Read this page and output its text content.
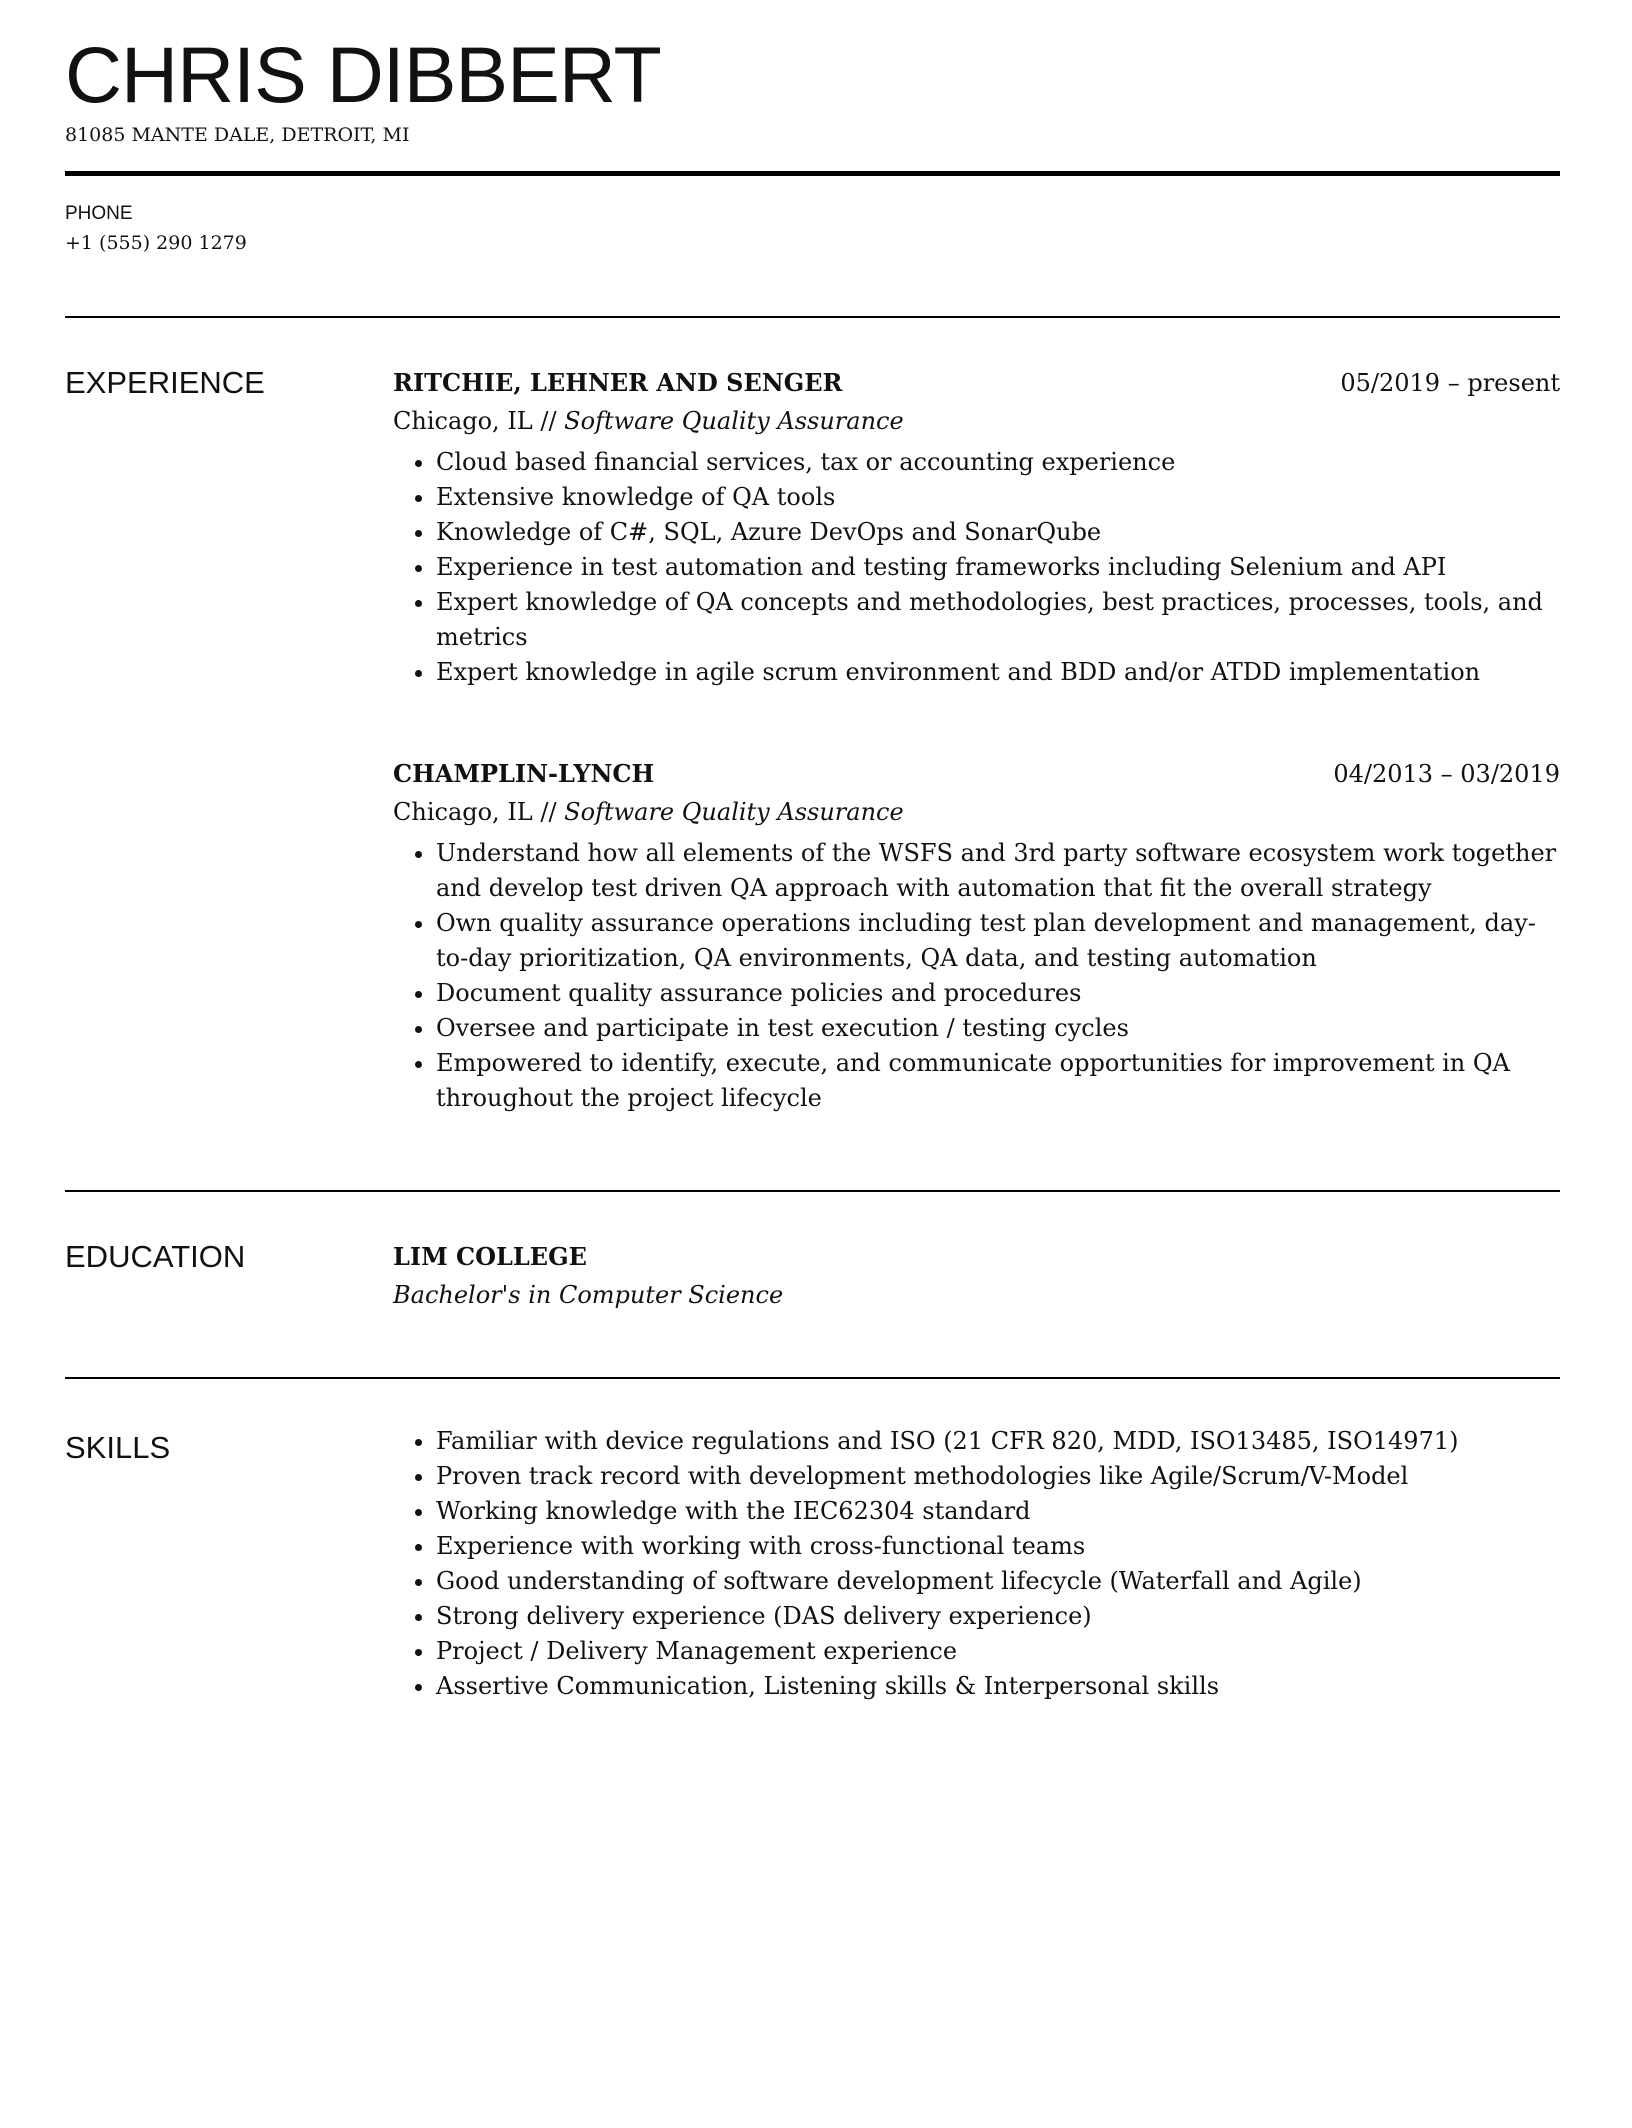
CHRIS DIBBERT
81085 MANTE DALE, DETROIT, MI
PHONE
+1 (555) 290 1279
EXPERIENCE	RITCHIE, LEHNER AND SENGER	05/2019 – present
Chicago, IL // Software Quality Assurance
• Cloud based financial services, tax or accounting experience
• Extensive knowledge of QA tools
• Knowledge of C#, SQL, Azure DevOps and SonarQube
• Experience in test automation and testing frameworks including Selenium and API
• Expert knowledge of QA concepts and methodologies, best practices, processes, tools, and metrics
• Expert knowledge in agile scrum environment and BDD and/or ATDD implementation
CHAMPLIN-LYNCH	04/2013 – 03/2019
Chicago, IL // Software Quality Assurance
• Understand how all elements of the WSFS and 3rd party software ecosystem work together and develop test driven QA approach with automation that fit the overall strategy
• Own quality assurance operations including test plan development and management, day-to-day prioritization, QA environments, QA data, and testing automation
• Document quality assurance policies and procedures
• Oversee and participate in test execution / testing cycles
• Empowered to identify, execute, and communicate opportunities for improvement in QA throughout the project lifecycle
EDUCATION	LIM COLLEGE
Bachelor's in Computer Science
SKILLS	• Familiar with device regulations and ISO (21 CFR 820, MDD, ISO13485, ISO14971)
• Proven track record with development methodologies like Agile/Scrum/V-Model
• Working knowledge with the IEC62304 standard
• Experience with working with cross-functional teams
• Good understanding of software development lifecycle (Waterfall and Agile)
• Strong delivery experience (DAS delivery experience)
• Project / Delivery Management experience
• Assertive Communication, Listening skills & Interpersonal skills
